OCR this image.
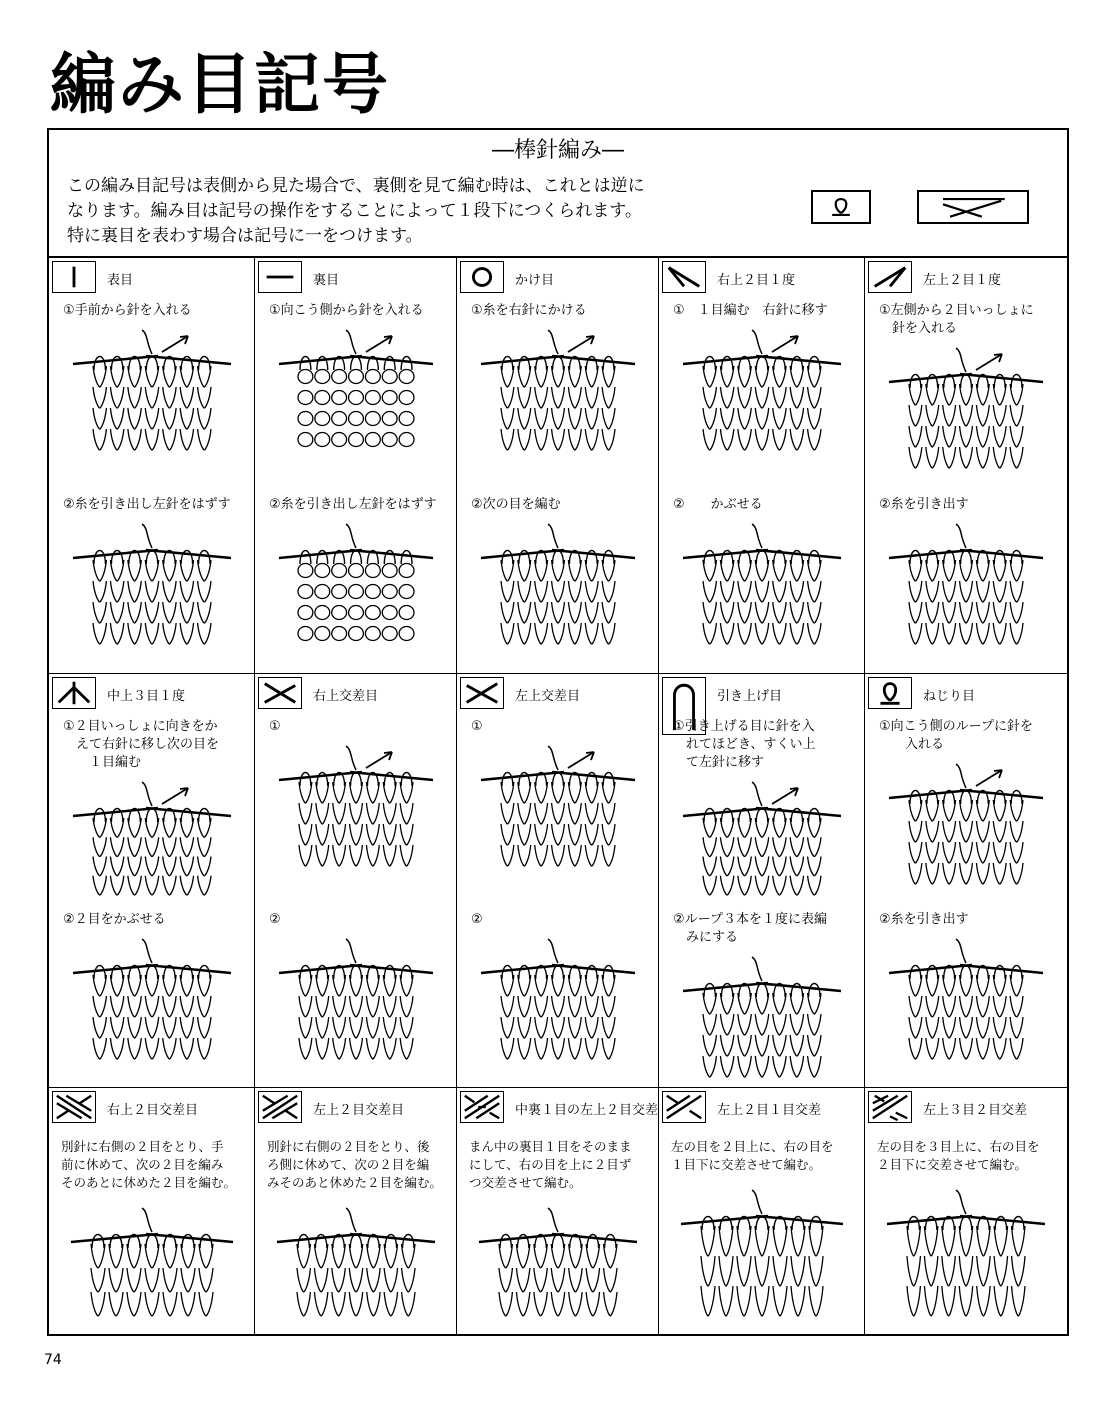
編み目記号
―棒針編み―
この編み目記号は表側から見た場合で、裏側を見て編む時は、これとは逆に
なります。編み目は記号の操作をすることによって１段下につくられます。
特に裏目を表わす場合は記号に一をつけます。
表目
①手前から針を入れる
②糸を引き出し左針をはずす
裏目
①向こう側から針を入れる
②糸を引き出し左針をはずす
かけ目
①糸を右針にかける
②次の目を編む
右上２目１度
①　１目編む　右針に移す
②　　かぶせる
左上２目１度
①左側から２目いっしょに
　針を入れる
②糸を引き出す
中上３目１度
①２目いっしょに向きをか
　えて右針に移し次の目を
　　１目編む
②２目をかぶせる
右上交差目
①
②
左上交差目
①
②
引き上げ目
①引き上げる目に針を入
　れてほどき、すくい上
　て左針に移す
②ループ３本を１度に表編
　みにする
ねじり目
①向こう側のループに針を
　　入れる
②糸を引き出す
右上２目交差目
別針に右側の２目をとり、手
前に休めて、次の２目を編み
そのあとに休めた２目を編む。
左上２目交差目
別針に右側の２目をとり、後
ろ側に休めて、次の２目を編
みそのあと休めた２目を編む。
中裏１目の左上２目交差
まん中の裏目１目をそのまま
にして、右の目を上に２目ず
つ交差させて編む。
左上２目１目交差
左の目を２目上に、右の目を
１目下に交差させて編む。
左上３目２目交差
左の目を３目上に、右の目を
２目下に交差させて編む。
74
